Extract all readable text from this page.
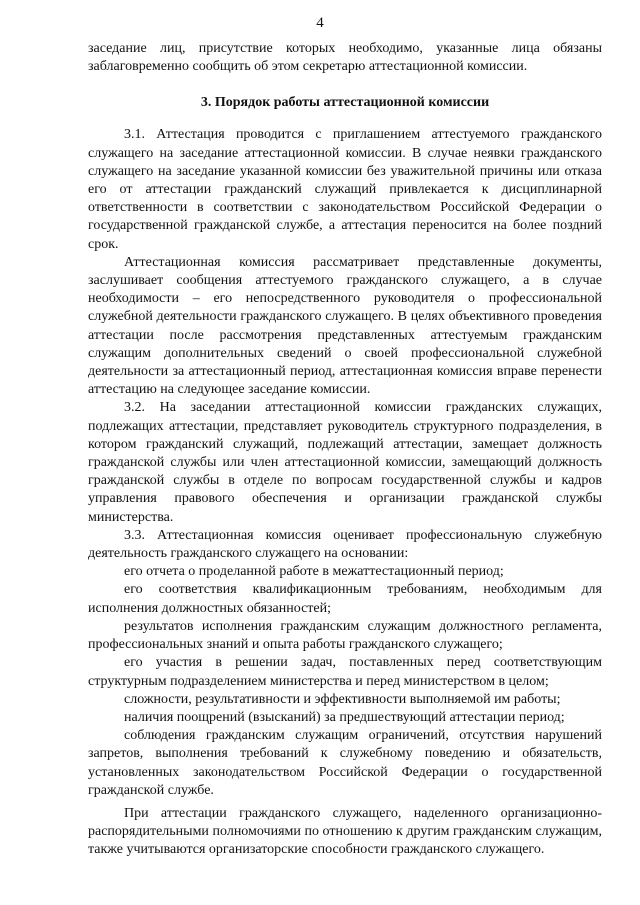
4

заседание лиц, присутствие которых необходимо, указанные лица обязаны заблаговременно сообщить об этом секретарю аттестационной комиссии.

3. Порядок работы аттестационной комиссии

3.1. Аттестация проводится с приглашением аттестуемого гражданского служащего на заседание аттестационной комиссии. В случае неявки гражданского служащего на заседание указанной комиссии без уважительной причины или отказа его от аттестации гражданский служащий привлекается к дисциплинарной ответственности в соответствии с законодательством Российской Федерации о государственной гражданской службе, а аттестация переносится на более поздний срок.

Аттестационная комиссия рассматривает представленные документы, заслушивает сообщения аттестуемого гражданского служащего, а в случае необходимости – его непосредственного руководителя о профессиональной служебной деятельности гражданского служащего. В целях объективного проведения аттестации после рассмотрения представленных аттестуемым гражданским служащим дополнительных сведений о своей профессиональной служебной деятельности за аттестационный период, аттестационная комиссия вправе перенести аттестацию на следующее заседание комиссии.

3.2. На заседании аттестационной комиссии гражданских служащих, подлежащих аттестации, представляет руководитель структурного подразделения, в котором гражданский служащий, подлежащий аттестации, замещает должность гражданской службы или член аттестационной комиссии, замещающий должность гражданской службы в отделе по вопросам государственной службы и кадров управления правового обеспечения и организации гражданской службы министерства.

3.3. Аттестационная комиссия оценивает профессиональную служебную деятельность гражданского служащего на основании:

его отчета о проделанной работе в межаттестационный период;

его соответствия квалификационным требованиям, необходимым для исполнения должностных обязанностей;

результатов исполнения гражданским служащим должностного регламента, профессиональных знаний и опыта работы гражданского служащего;

его участия в решении задач, поставленных перед соответствующим структурным подразделением министерства и перед министерством в целом;

сложности, результативности и эффективности выполняемой им работы;

наличия поощрений (взысканий) за предшествующий аттестации период;

соблюдения гражданским служащим ограничений, отсутствия нарушений запретов, выполнения требований к служебному поведению и обязательств, установленных законодательством Российской Федерации о государственной гражданской службе.

При аттестации гражданского служащего, наделенного организационно-распорядительными полномочиями по отношению к другим гражданским служащим, также учитываются организаторские способности гражданского служащего.
